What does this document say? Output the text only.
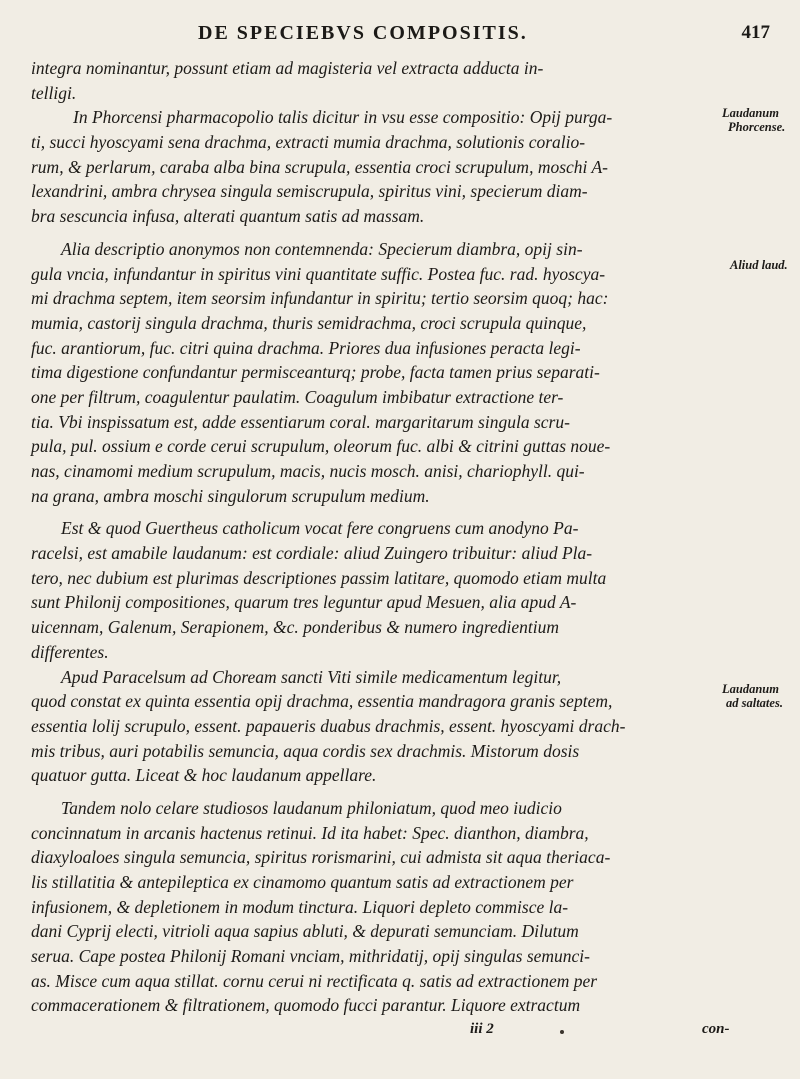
DE SPECIEBVS COMPOSITIS.	417
integra nominantur, possunt etiam ad magisteria vel extracta adducta in-
telligi.
In Phorcensi pharmacopolio talis dicitur in vsu esse compositio: Opij purga-
ti, succi hyoscyami sena drachma, extracti mumia drachma, solutionis coralio-
rum, & perlarum, caraba alba bina scrupula, essentia croci scrupulum, moschi A-
lexandrini, ambra chrysea singula semiscrupula, spiritus vini, specierum diam-
bra sescuncia infusa, alterati quantum satis ad massam.
Alia descriptio anonymos non contemnenda: Specierum diambra, opij sin-
gula vncia, infundantur in spiritus vini quantitate suffic. Postea fuc. rad. hyoscya-
mi drachma septem, item seorsim infundantur in spiritu; tertio seorsim quoq; hac:
mumia, castorij singula drachma, thuris semidrachma, croci scrupula quinque,
fuc. arantiorum, fuc. citri quina drachma. Priores dua infusiones peracta legi-
tima digestione confundantur permisceanturq; probe, facta tamen prius separati-
one per filtrum, coagulentur paulatim. Coagulum imbibatur extractione ter-
tia. Vbi inspissatum est, adde essentiarum coral. margaritarum singula scru-
pula, pul. ossium e corde cerui scrupulum, oleorum fuc. albi & citrini guttas noue-
nas, cinamomi medium scrupulum, macis, nucis mosch. anisi, chariophyll. qui-
na grana, ambra moschi singulorum scrupulum medium.
Est & quod Guertheus catholicum vocat fere congruens cum anodyno Pa-
racelsi, est amabile laudanum: est cordiale: aliud Zuingero tribuitur: aliud Pla-
tero, nec dubium est plurimas descriptiones passim latitare, quomodo etiam multa
sunt Philonij compositiones, quarum tres leguntur apud Mesuen, alia apud A-
uicennam, Galenum, Serapionem, &c. ponderibus & numero ingredientium
differentes.
Apud Paracelsum ad Choream sancti Viti simile medicamentum legitur,
quod constat ex quinta essentia opij drachma, essentia mandragora granis septem,
essentia lolij scrupulo, essent. papaueris duabus drachmis, essent. hyoscyami drach-
mis tribus, auri potabilis semuncia, aqua cordis sex drachmis. Mistorum dosis
quatuor gutta. Liceat & hoc laudanum appellare.
Tandem nolo celare studiosos laudanum philoniatum, quod meo iudicio
concinnatum in arcanis hactenus retinui. Id ita habet: Spec. dianthon, diambra,
diaxyloaloes singula semuncia, spiritus rorismarini, cui admista sit aqua theriaca-
lis stillatitia & antepileptica ex cinamomo quantum satis ad extractionem per
infusionem, & depletionem in modum tinctura. Liquori depleto commisce la-
dani Cyprij electi, vitrioli aqua sapius abluti, & depurati semunciam. Dilutum
serua. Cape postea Philonij Romani vnciam, mithridatij, opij singulas semunci-
as. Misce cum aqua stillat. cornu cerui ni rectificata q. satis ad extractionem per
commacerationem & filtrationem, quomodo fucci parantur. Liquore extractum
Laudanum
Phorcense.
Aliud laud.
Laudanum
ad saltates.
iii 2	con-
